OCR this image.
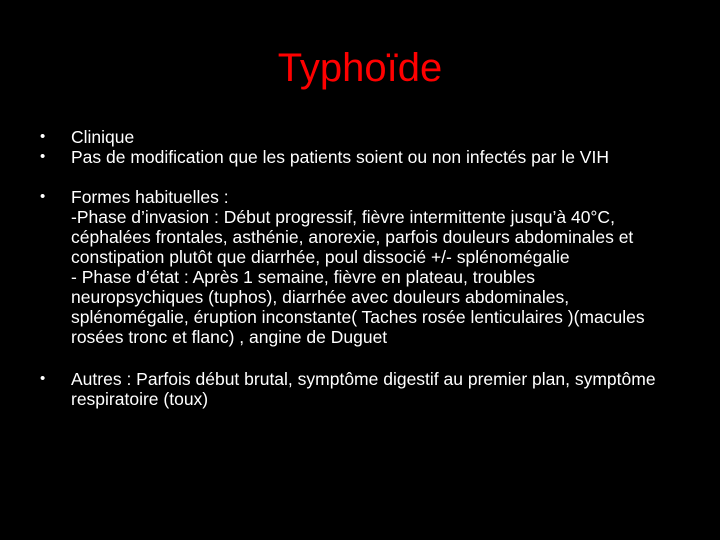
Typhoïde
• Clinique
• Pas de modification que les patients soient ou non infectés par le VIH
• Formes habituelles :
-Phase d’invasion : Début progressif, fièvre intermittente jusqu’à 40°C, céphalées frontales, asthénie, anorexie, parfois douleurs abdominales et constipation plutôt que diarrhée, poul dissocié +/- splénomégalie
- Phase d’état : Après 1 semaine, fièvre en plateau, troubles neuropsychiques (tuphos), diarrhée avec douleurs abdominales, splénomégalie, éruption inconstante( Taches rosée lenticulaires )(macules rosées tronc et flanc) , angine de Duguet
• Autres : Parfois début brutal, symptôme digestif au premier plan, symptôme respiratoire (toux)
